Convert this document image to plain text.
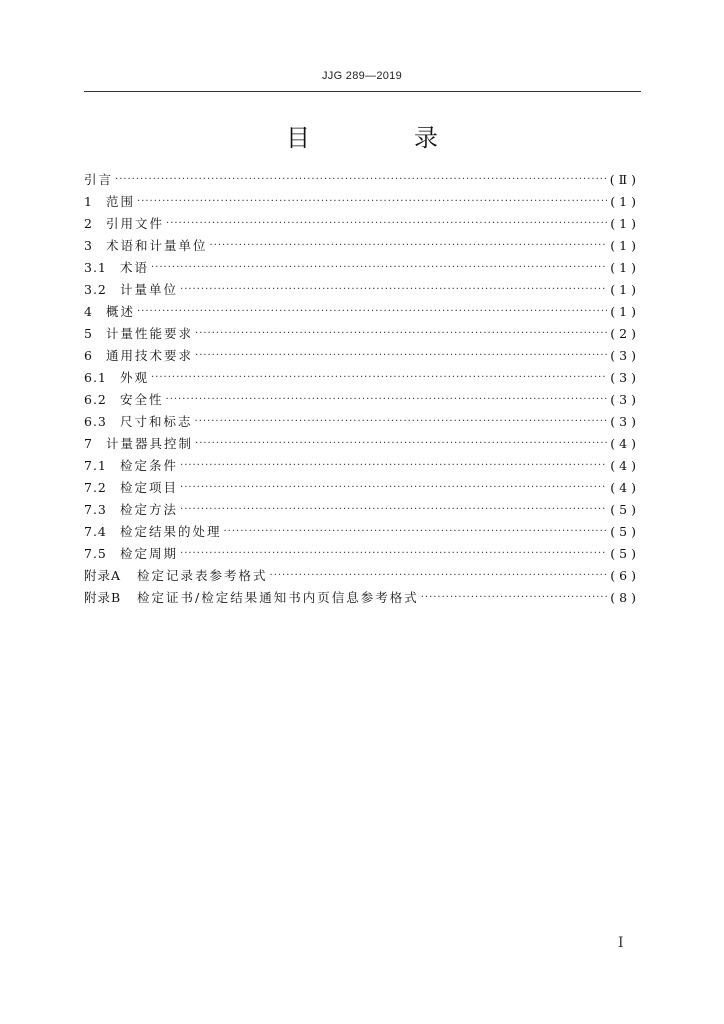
JJG 289—2019
目　录
引言 ·····	(Ⅱ)
1	范围 ·····	(1)
2	引用文件 ·····	(1)
3	术语和计量单位 ·····	(1)
3.1	术语 ·····	(1)
3.2	计量单位 ·····	(1)
4	概述 ·····	(1)
5	计量性能要求 ·····	(2)
6	通用技术要求 ·····	(3)
6.1	外观 ·····	(3)
6.2	安全性 ·····	(3)
6.3	尺寸和标志 ·····	(3)
7	计量器具控制 ·····	(4)
7.1	检定条件 ·····	(4)
7.2	检定项目 ·····	(4)
7.3	检定方法 ·····	(5)
7.4	检定结果的处理 ·····	(5)
7.5	检定周期 ·····	(5)
附录A	检定记录表参考格式 ·····	(6)
附录B	检定证书/检定结果通知书内页信息参考格式 ·····	(8)
I
